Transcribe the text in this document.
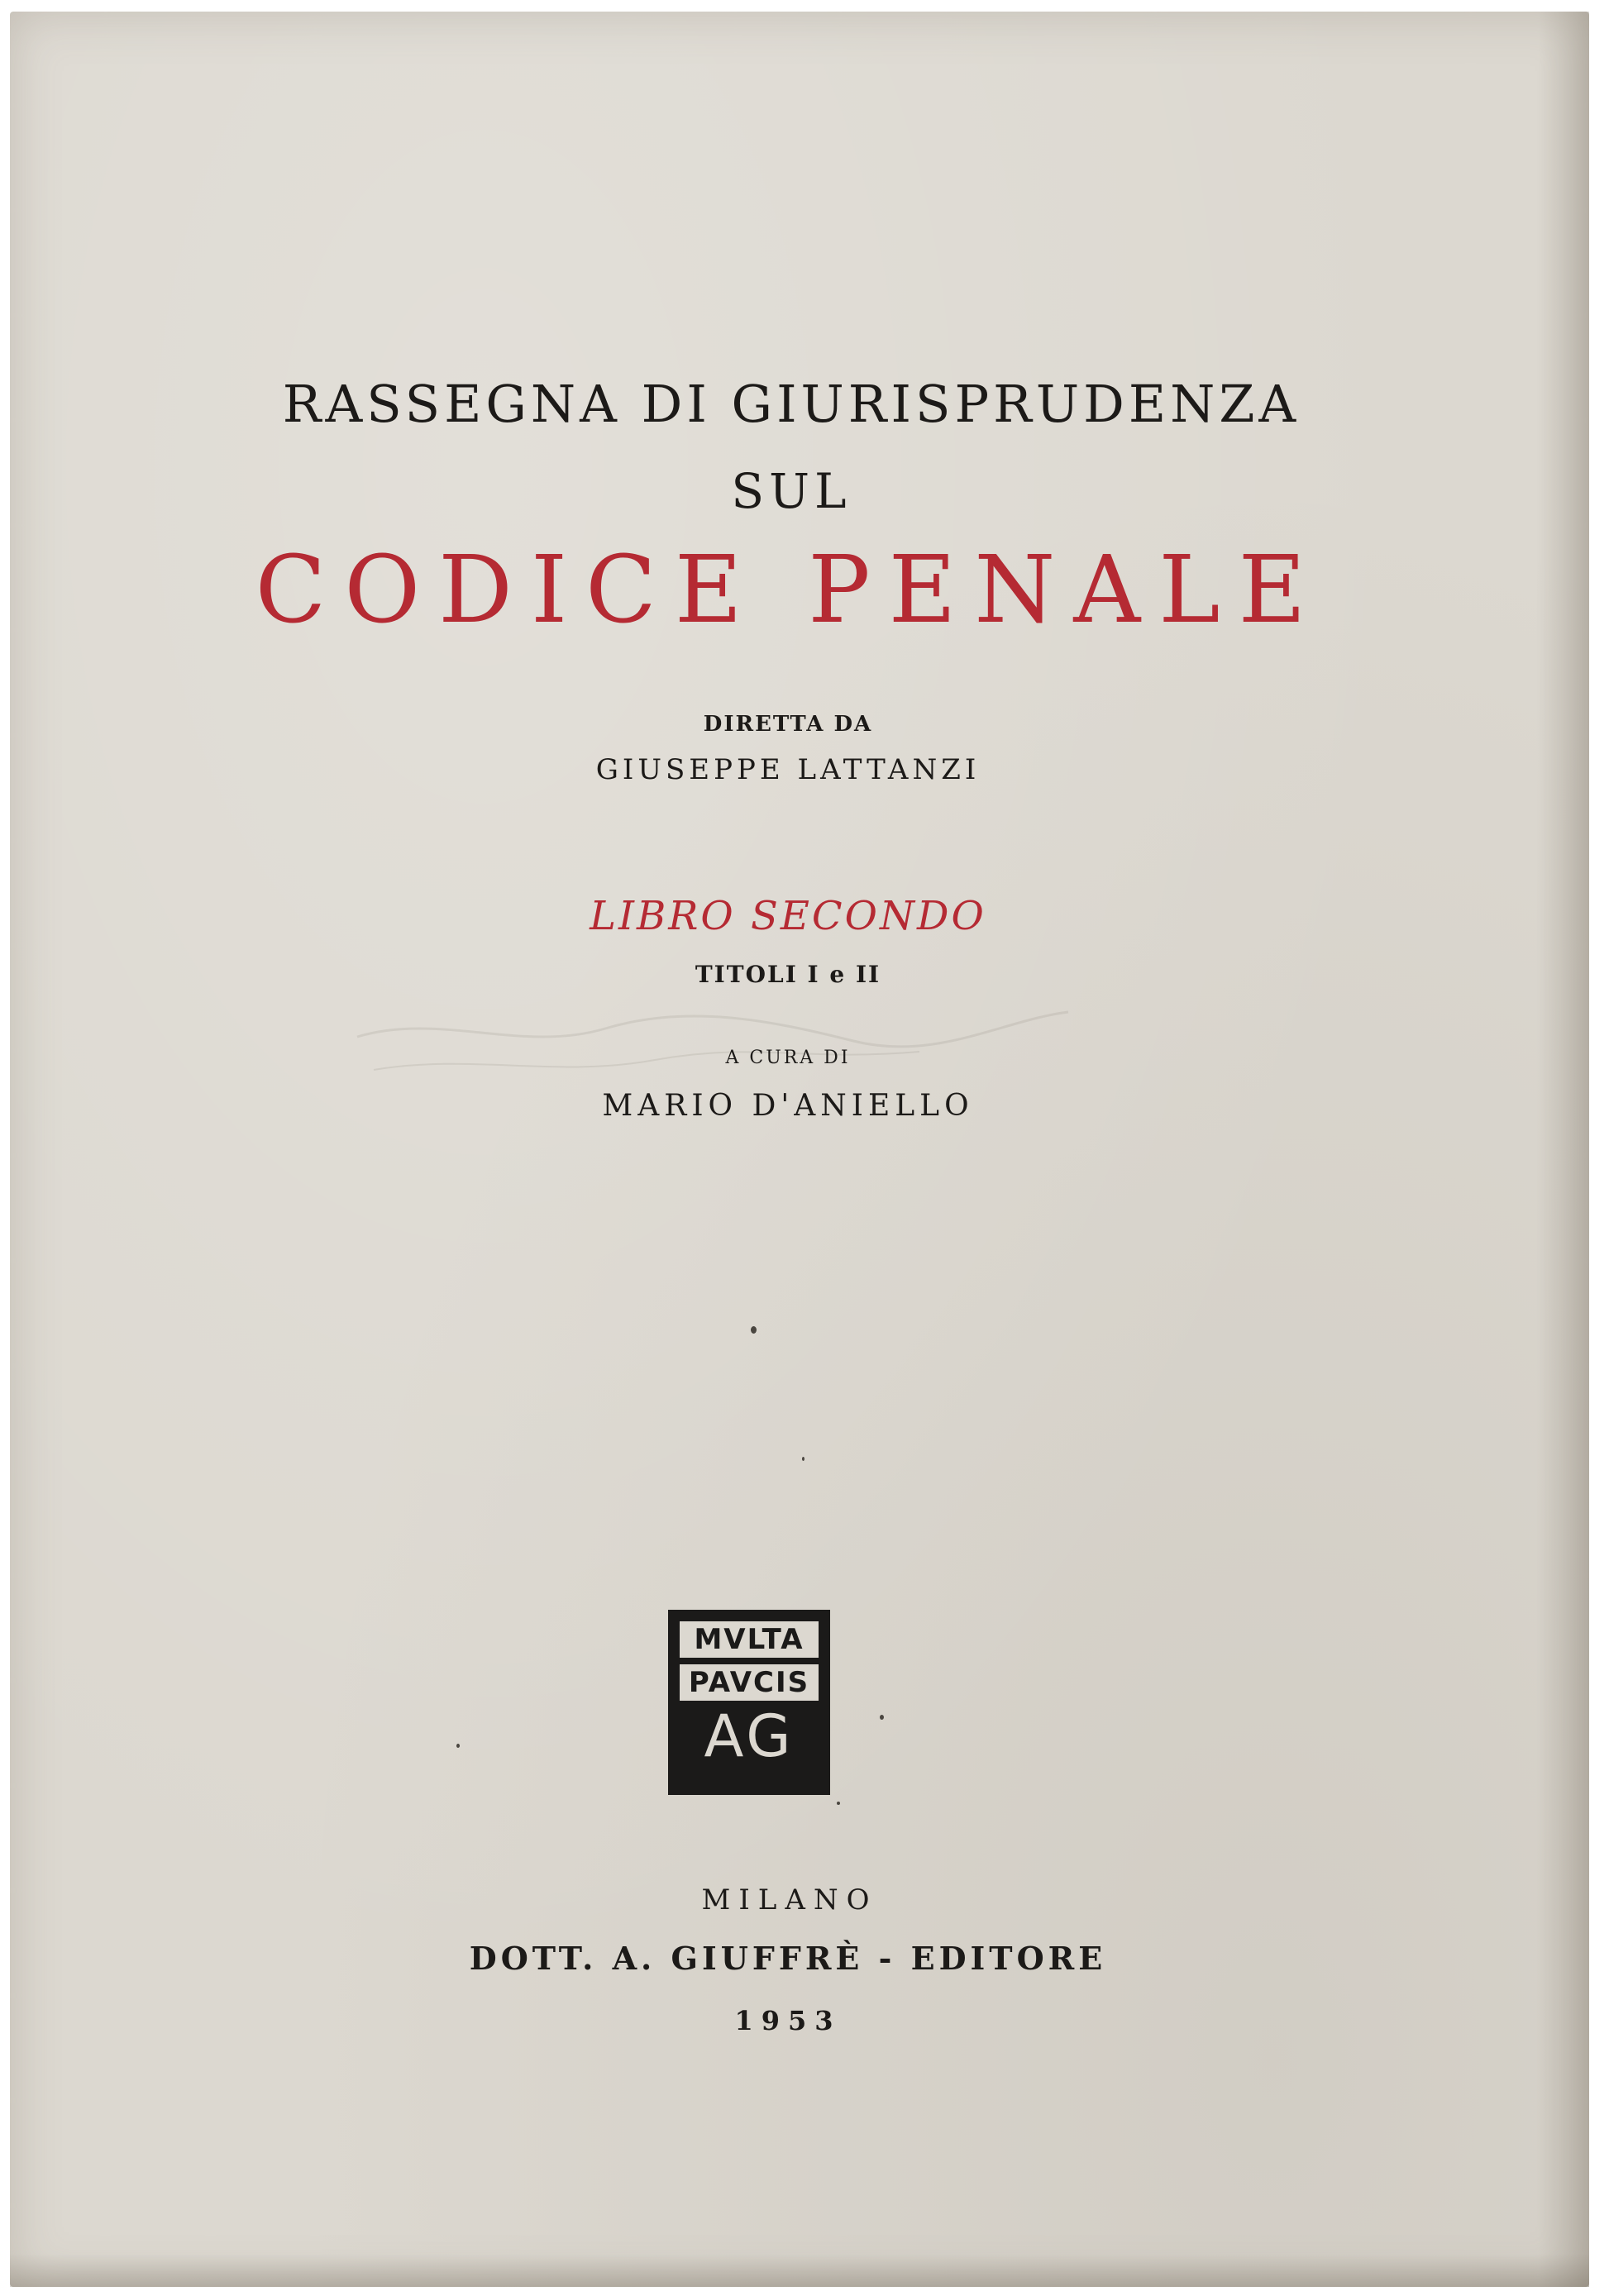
RASSEGNA DI GIURISPRUDENZA

SUL

CODICE PENALE

DIRETTA DA

GIUSEPPE LATTANZI

LIBRO SECONDO

TITOLI I e II

A CURA DI

MARIO D'ANIELLO

MVLTA
PAVCIS
AG

MILANO

DOTT. A. GIUFFRÈ - EDITORE

1953
